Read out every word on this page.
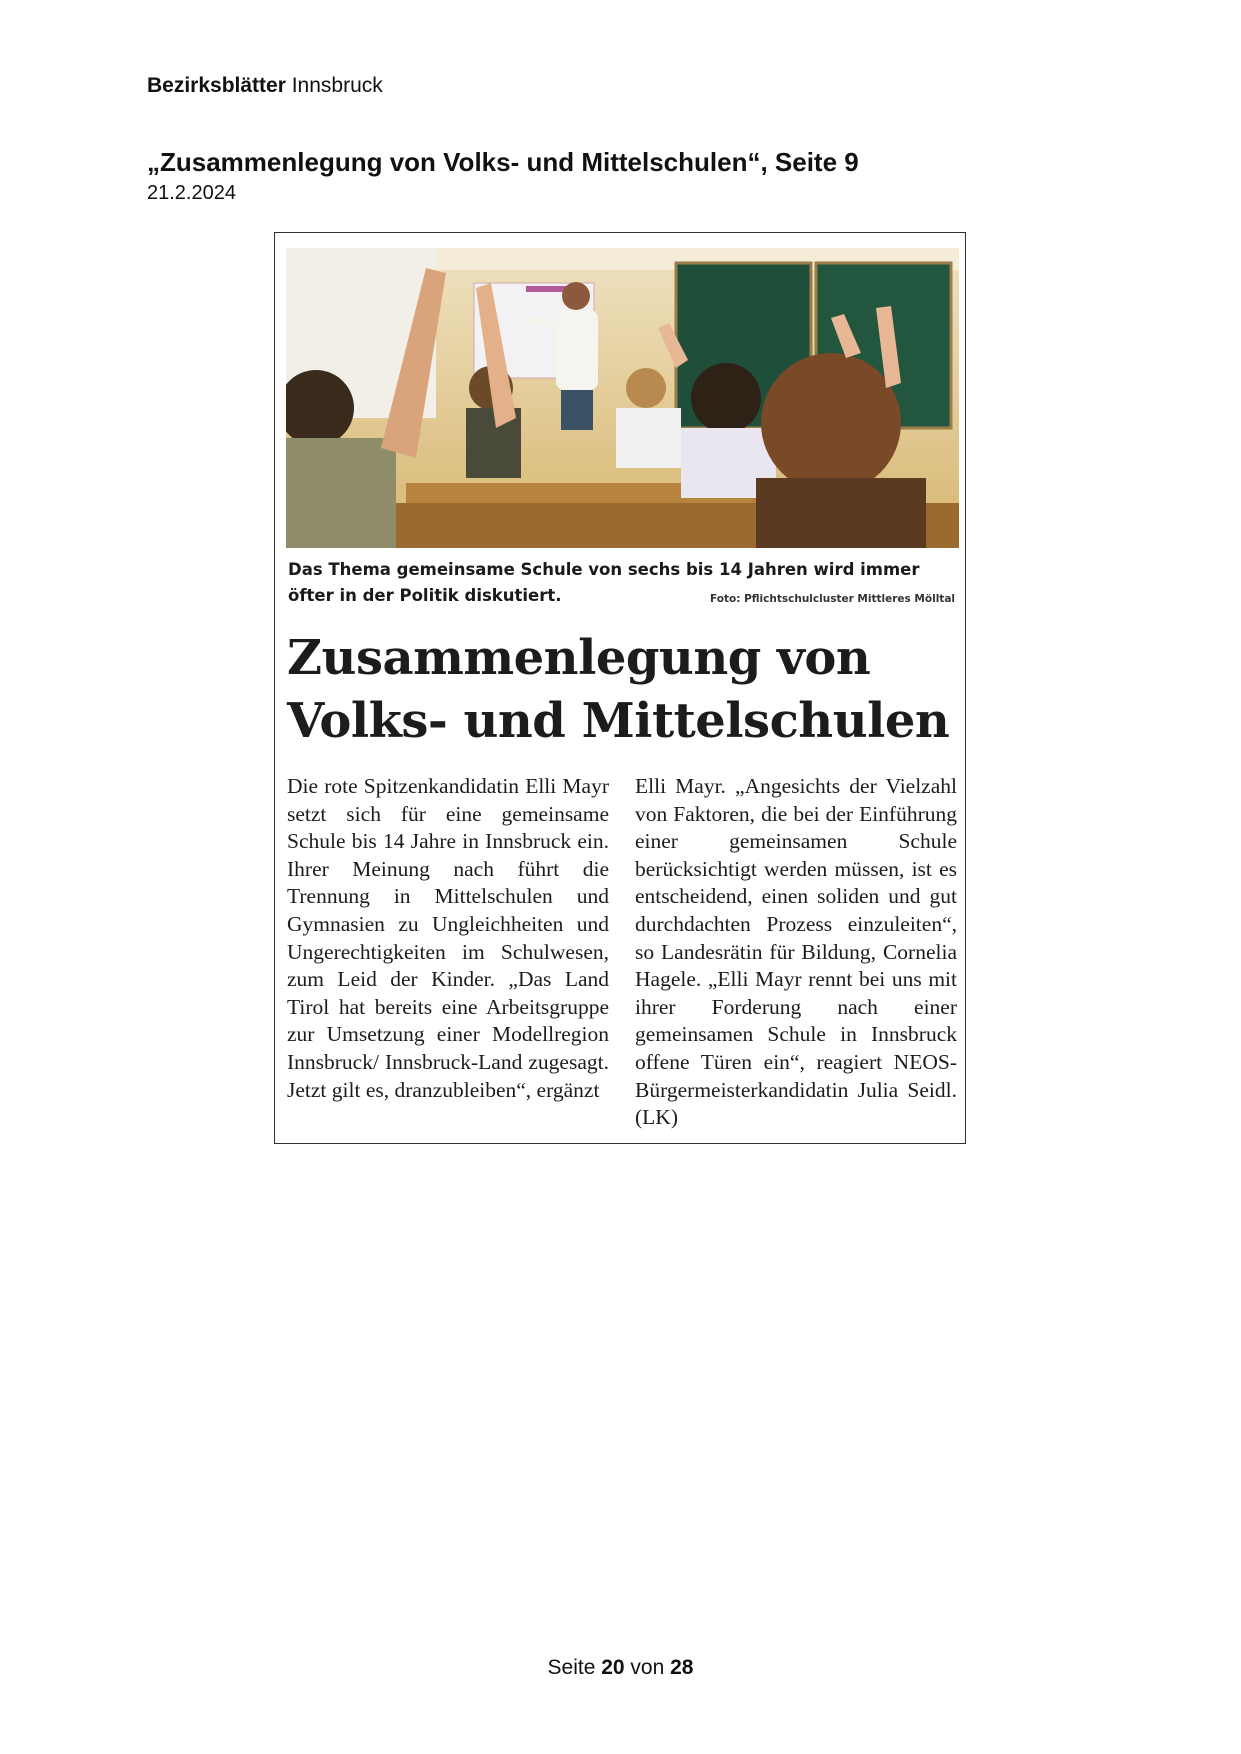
Bezirksblätter Innsbruck
„Zusammenlegung von Volks- und Mittelschulen“, Seite 9
21.2.2024
Das Thema gemeinsame Schule von sechs bis 14 Jahren wird immer öfter in der Politik diskutiert.	Foto: Pflichtschulcluster Mittleres Mölltal
Zusammenlegung von
Volks- und Mittelschulen
Die rote Spitzenkandidatin Elli Mayr setzt sich für eine gemeinsame Schule bis 14 Jahre in Innsbruck ein. Ihrer Meinung nach führt die Trennung in Mittelschulen und Gymnasien zu Ungleichheiten und Ungerechtigkeiten im Schulwesen, zum Leid der Kinder. „Das Land Tirol hat bereits eine Arbeitsgruppe zur Umsetzung einer Modellregion Innsbruck/ Innsbruck-Land zugesagt. Jetzt gilt es, dranzubleiben“, ergänzt
Elli Mayr. „Angesichts der Vielzahl von Faktoren, die bei der Einführung einer gemeinsamen Schule berücksichtigt werden müssen, ist es entscheidend, einen soliden und gut durchdachten Prozess einzuleiten“, so Landesrätin für Bildung, Cornelia Hagele. „Elli Mayr rennt bei uns mit ihrer Forderung nach einer gemeinsamen Schule in Innsbruck offene Türen ein“, reagiert NEOS-Bürgermeisterkandidatin Julia Seidl. (LK)
Seite 20 von 28
